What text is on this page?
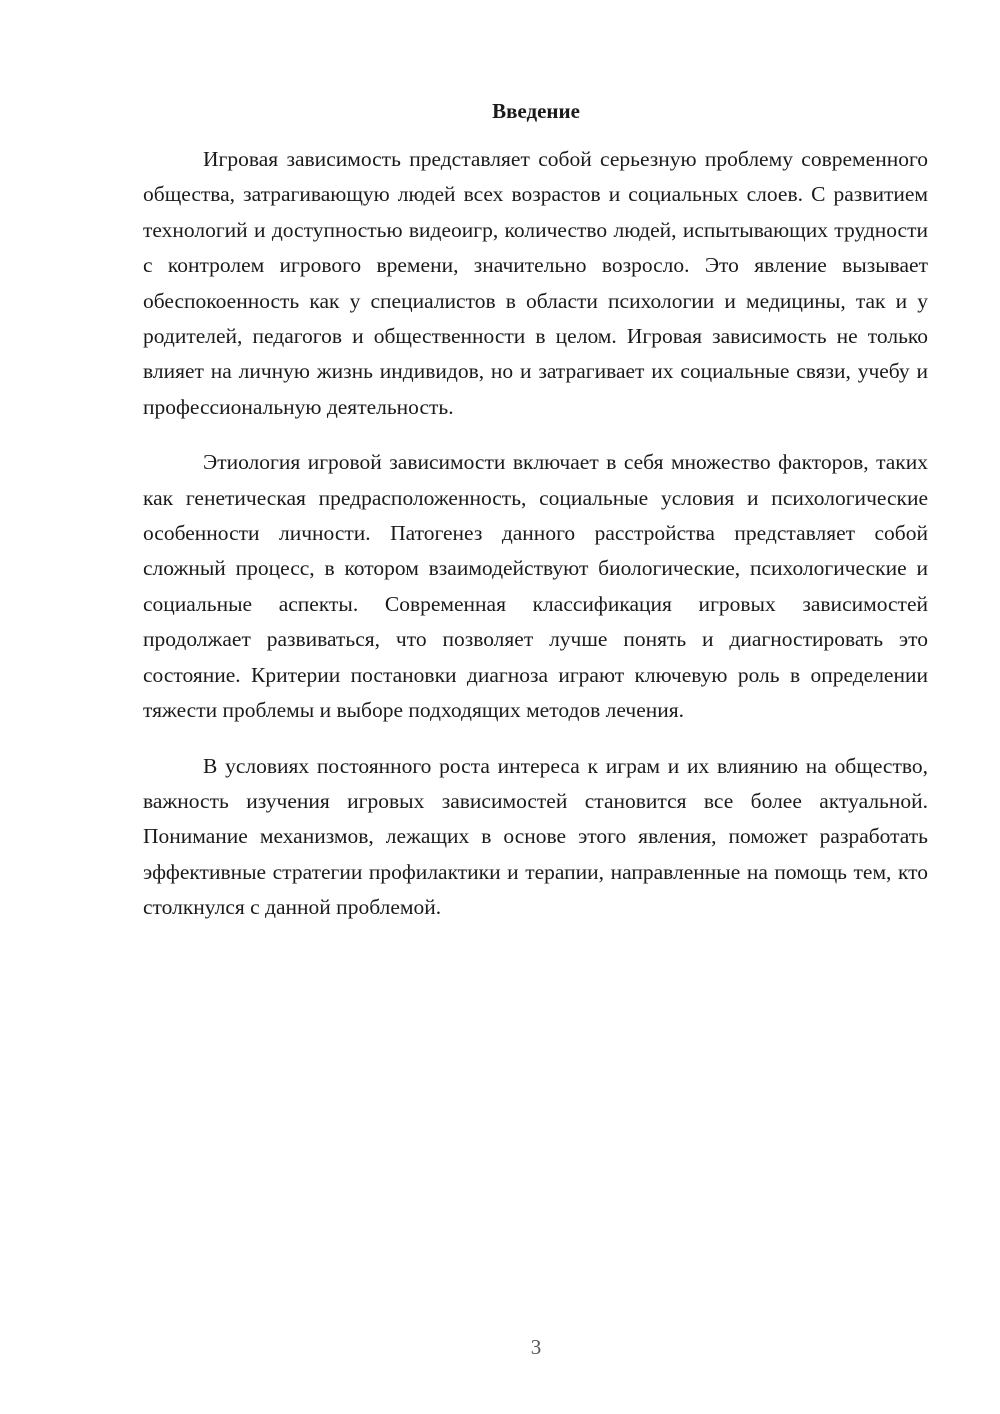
Введение

Игровая зависимость представляет собой серьезную проблему современного общества, затрагивающую людей всех возрастов и социальных слоев. С развитием технологий и доступностью видеоигр, количество людей, испытывающих трудности с контролем игрового времени, значительно возросло. Это явление вызывает обеспокоенность как у специалистов в области психологии и медицины, так и у родителей, педагогов и общественности в целом. Игровая зависимость не только влияет на личную жизнь индивидов, но и затрагивает их социальные связи, учебу и профессиональную деятельность.

Этиология игровой зависимости включает в себя множество факторов, таких как генетическая предрасположенность, социальные условия и психологические особенности личности. Патогенез данного расстройства представляет собой сложный процесс, в котором взаимодействуют биологические, психологические и социальные аспекты. Современная классификация игровых зависимостей продолжает развиваться, что позволяет лучше понять и диагностировать это состояние. Критерии постановки диагноза играют ключевую роль в определении тяжести проблемы и выборе подходящих методов лечения.

В условиях постоянного роста интереса к играм и их влиянию на общество, важность изучения игровых зависимостей становится все более актуальной. Понимание механизмов, лежащих в основе этого явления, поможет разработать эффективные стратегии профилактики и терапии, направленные на помощь тем, кто столкнулся с данной проблемой.

3
